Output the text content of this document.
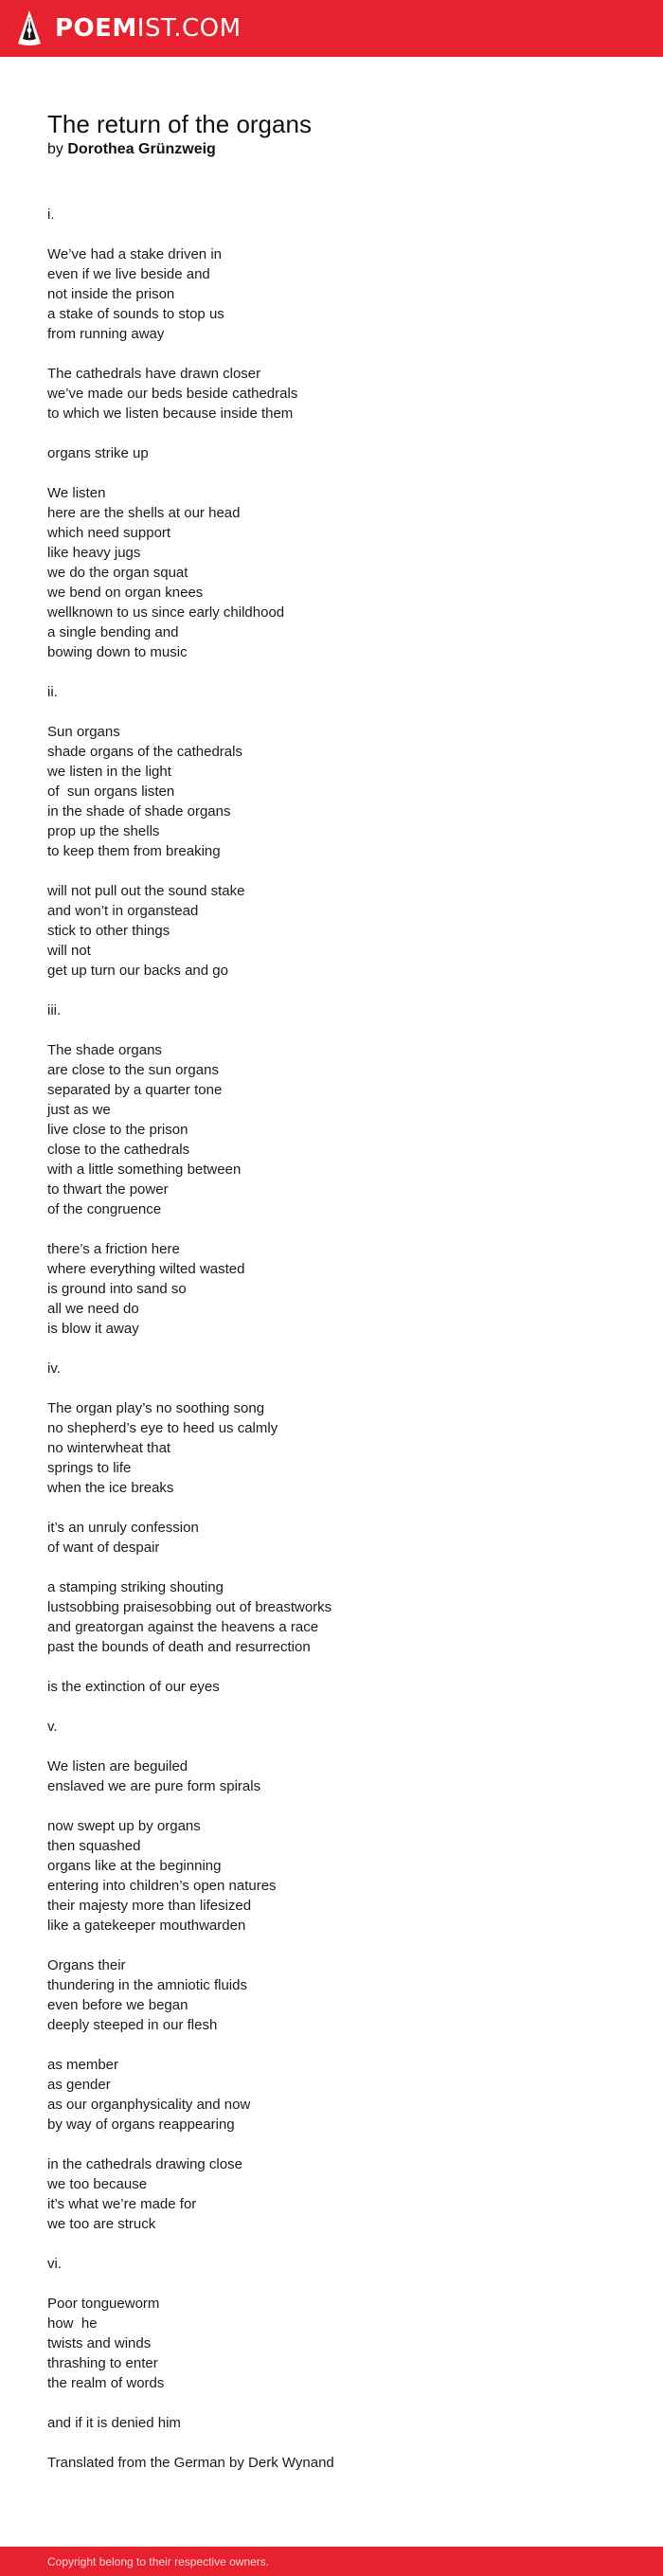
POEMIST.COM
The return of the organs
by Dorothea Grünzweig
i.
We’ve had a stake driven in
even if we live beside and
not inside the prison
a stake of sounds to stop us
from running away
The cathedrals have drawn closer
we’ve made our beds beside cathedrals
to which we listen because inside them
organs strike up
We listen
here are the shells at our head
which need support
like heavy jugs
we do the organ squat
we bend on organ knees
wellknown to us since early childhood
a single bending and 
bowing down to music
ii.
Sun organs
shade organs of the cathedrals
we listen in the light
of  sun organs listen
in the shade of shade organs
prop up the shells
to keep them from breaking
will not pull out the sound stake
and won’t in organstead     
stick to other things
will not
get up turn our backs and go
iii.
The shade organs
are close to the sun organs
separated by a quarter tone
just as we
live close to the prison
close to the cathedrals
with a little something between
to thwart the power
of the congruence
there’s a friction here
where everything wilted wasted
is ground into sand so
all we need do
is blow it away
iv.
The organ play’s no soothing song
no shepherd’s eye to heed us calmly
no winterwheat that
springs to life
when the ice breaks
it’s an unruly confession
of want of despair
a stamping striking shouting
lustsobbing praisesobbing out of breastworks
and greatorgan against the heavens a race
past the bounds of death and resurrection
is the extinction of our eyes
v.
We listen are beguiled
enslaved we are pure form spirals
now swept up by organs
then squashed
organs like at the beginning
entering into children’s open natures
their majesty more than lifesized 
like a gatekeeper mouthwarden
Organs their
thundering in the amniotic fluids 
even before we began
deeply steeped in our flesh
as member 
as gender
as our organphysicality and now
by way of organs reappearing
in the cathedrals drawing close
we too because
it’s what we’re made for
we too are struck
vi.
Poor tongueworm
how  he
twists and winds
thrashing to enter
the realm of words
and if it is denied him
Translated from the German by Derk Wynand
Copyright belong to their respective owners.
